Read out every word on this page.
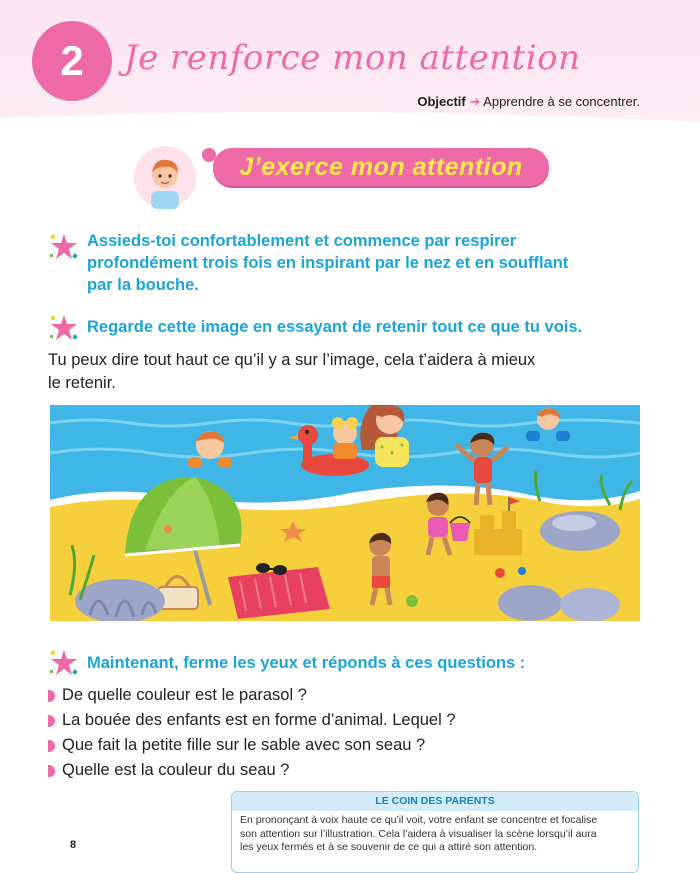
2 Je renforce mon attention
Objectif ➜ Apprendre à se concentrer.
J’exerce mon attention
Assieds-toi confortablement et commence par respirer
profondément trois fois en inspirant par le nez et en soufflant
par la bouche.
Regarde cette image en essayant de retenir tout ce que tu vois.
Tu peux dire tout haut ce qu’il y a sur l’image, cela t’aidera à mieux
le retenir.
Maintenant, ferme les yeux et réponds à ces questions :
De quelle couleur est le parasol ?
La bouée des enfants est en forme d’animal. Lequel ?
Que fait la petite fille sur le sable avec son seau ?
Quelle est la couleur du seau ?
LE COIN DES PARENTS
En prononçant à voix haute ce qu’il voit, votre enfant se concentre et focalise
son attention sur l’illustration. Cela l’aidera à visualiser la scène lorsqu’il aura
les yeux fermés et à se souvenir de ce qui a attiré son attention.
8
